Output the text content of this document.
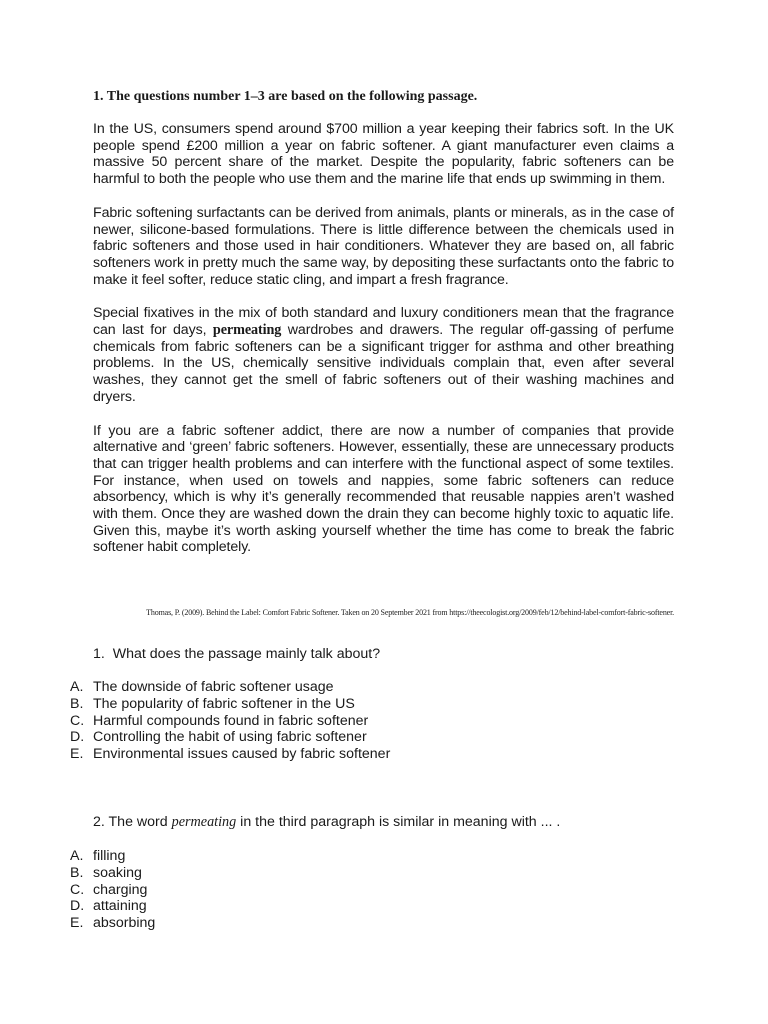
1. The questions number 1–3 are based on the following passage.

In the US, consumers spend around $700 million a year keeping their fabrics soft. In the UK people spend £200 million a year on fabric softener. A giant manufacturer even claims a massive 50 percent share of the market. Despite the popularity, fabric softeners can be harmful to both the people who use them and the marine life that ends up swimming in them.

Fabric softening surfactants can be derived from animals, plants or minerals, as in the case of newer, silicone-based formulations. There is little difference between the chemicals used in fabric softeners and those used in hair conditioners. Whatever they are based on, all fabric softeners work in pretty much the same way, by depositing these surfactants onto the fabric to make it feel softer, reduce static cling, and impart a fresh fragrance.

Special fixatives in the mix of both standard and luxury conditioners mean that the fragrance can last for days, permeating wardrobes and drawers. The regular off-gassing of perfume chemicals from fabric softeners can be a significant trigger for asthma and other breathing problems. In the US, chemically sensitive individuals complain that, even after several washes, they cannot get the smell of fabric softeners out of their washing machines and dryers.

If you are a fabric softener addict, there are now a number of companies that provide alternative and ‘green’ fabric softeners. However, essentially, these are unnecessary products that can trigger health problems and can interfere with the functional aspect of some textiles. For instance, when used on towels and nappies, some fabric softeners can reduce absorbency, which is why it’s generally recommended that reusable nappies aren’t washed with them. Once they are washed down the drain they can become highly toxic to aquatic life. Given this, maybe it’s worth asking yourself whether the time has come to break the fabric softener habit completely.

Thomas, P. (2009). Behind the Label: Comfort Fabric Softener. Taken on 20 September 2021 from https://theecologist.org/2009/feb/12/behind-label-comfort-fabric-softener.

1. What does the passage mainly talk about?

A. The downside of fabric softener usage
B. The popularity of fabric softener in the US
C. Harmful compounds found in fabric softener
D. Controlling the habit of using fabric softener
E. Environmental issues caused by fabric softener

2. The word permeating in the third paragraph is similar in meaning with ... .

A. filling
B. soaking
C. charging
D. attaining
E. absorbing
